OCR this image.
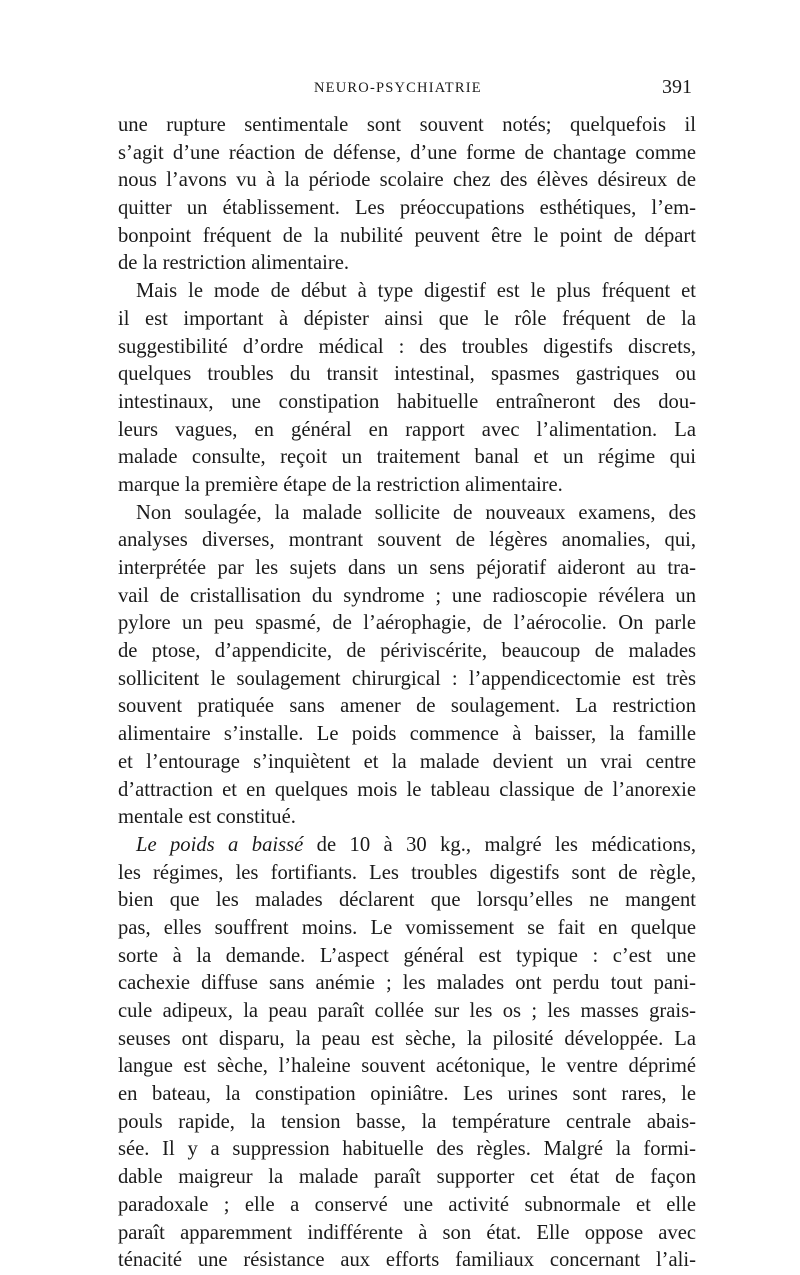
NEURO-PSYCHIATRIE	391
une rupture sentimentale sont souvent notés; quelquefois il
s’agit d’une réaction de défense, d’une forme de chantage comme
nous l’avons vu à la période scolaire chez des élèves désireux de
quitter un établissement. Les préoccupations esthétiques, l’em-
bonpoint fréquent de la nubilité peuvent être le point de départ
de la restriction alimentaire.
Mais le mode de début à type digestif est le plus fréquent et
il est important à dépister ainsi que le rôle fréquent de la
suggestibilité d’ordre médical : des troubles digestifs discrets,
quelques troubles du transit intestinal, spasmes gastriques ou
intestinaux, une constipation habituelle entraîneront des dou-
leurs vagues, en général en rapport avec l’alimentation. La
malade consulte, reçoit un traitement banal et un régime qui
marque la première étape de la restriction alimentaire.
Non soulagée, la malade sollicite de nouveaux examens, des
analyses diverses, montrant souvent de légères anomalies, qui,
interprétée par les sujets dans un sens péjoratif aideront au tra-
vail de cristallisation du syndrome ; une radioscopie révélera un
pylore un peu spasmé, de l’aérophagie, de l’aérocolie. On parle
de ptose, d’appendicite, de périviscérite, beaucoup de malades
sollicitent le soulagement chirurgical : l’appendicectomie est très
souvent pratiquée sans amener de soulagement. La restriction
alimentaire s’installe. Le poids commence à baisser, la famille
et l’entourage s’inquiètent et la malade devient un vrai centre
d’attraction et en quelques mois le tableau classique de l’anorexie
mentale est constitué.
Le poids a baissé de 10 à 30 kg., malgré les médications,
les régimes, les fortifiants. Les troubles digestifs sont de règle,
bien que les malades déclarent que lorsqu’elles ne mangent
pas, elles souffrent moins. Le vomissement se fait en quelque
sorte à la demande. L’aspect général est typique : c’est une
cachexie diffuse sans anémie ; les malades ont perdu tout pani-
cule adipeux, la peau paraît collée sur les os ; les masses grais-
seuses ont disparu, la peau est sèche, la pilosité développée. La
langue est sèche, l’haleine souvent acétonique, le ventre déprimé
en bateau, la constipation opiniâtre. Les urines sont rares, le
pouls rapide, la tension basse, la température centrale abais-
sée. Il y a suppression habituelle des règles. Malgré la formi-
dable maigreur la malade paraît supporter cet état de façon
paradoxale ; elle a conservé une activité subnormale et elle
paraît apparemment indifférente à son état. Elle oppose avec
ténacité une résistance aux efforts familiaux concernant l’ali-
